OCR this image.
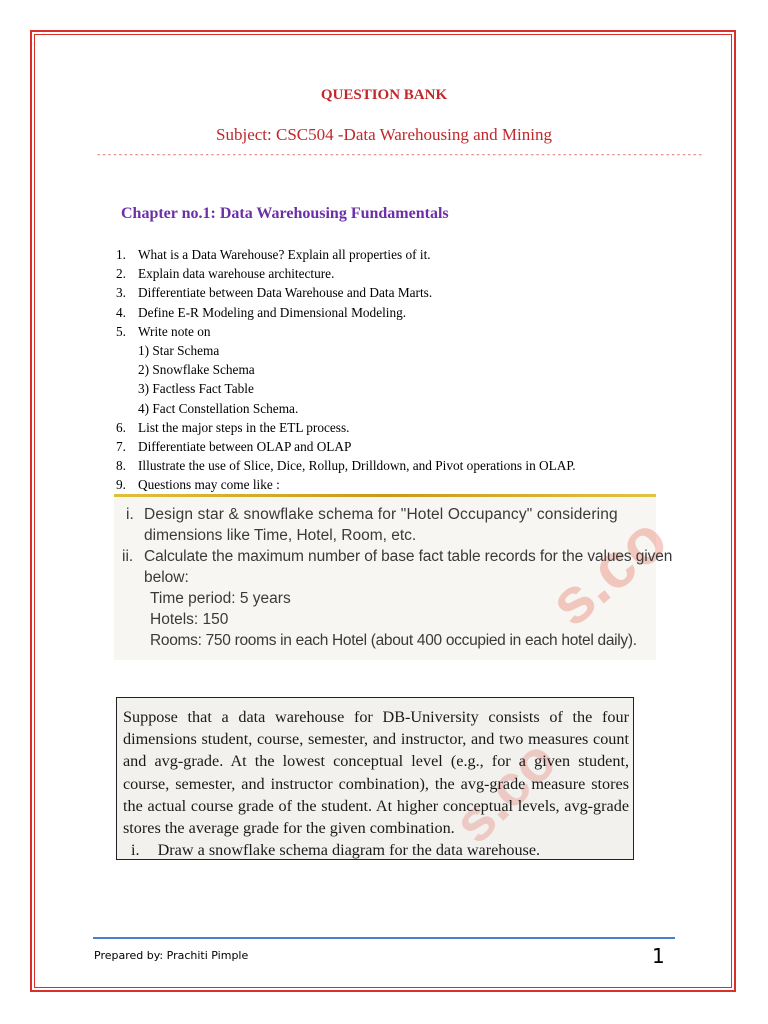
QUESTION BANK
Subject: CSC504 -Data Warehousing and Mining
----------------------------------------------------------------------------------------------------------------
Chapter no.1: Data Warehousing Fundamentals
1. What is a Data Warehouse? Explain all properties of it.
2. Explain data warehouse architecture.
3. Differentiate between Data Warehouse and Data Marts.
4. Define E-R Modeling and Dimensional Modeling.
5. Write note on
1) Star Schema
2) Snowflake Schema
3) Factless Fact Table
4) Fact Constellation Schema.
6. List the major steps in the ETL process.
7. Differentiate between OLAP and OLAP
8. Illustrate the use of Slice, Dice, Rollup, Drilldown, and Pivot operations in OLAP.
9. Questions may come like :
s.co
i. Design star & snowflake schema for "Hotel Occupancy" considering
dimensions like Time, Hotel, Room, etc.
ii. Calculate the maximum number of base fact table records for the values given
below:
Time period: 5 years
Hotels: 150
Rooms: 750 rooms in each Hotel (about 400 occupied in each hotel daily).
s.co
Suppose that a data warehouse for DB-University consists of the four dimensions student, course, semester, and instructor, and two measures count and avg-grade. At the lowest conceptual level (e.g., for a given student, course, semester, and instructor combination), the avg-grade measure stores the actual course grade of the student. At higher conceptual levels, avg-grade stores the average grade for the given combination.
i. Draw a snowflake schema diagram for the data warehouse.
Prepared by: Prachiti Pimple	1
